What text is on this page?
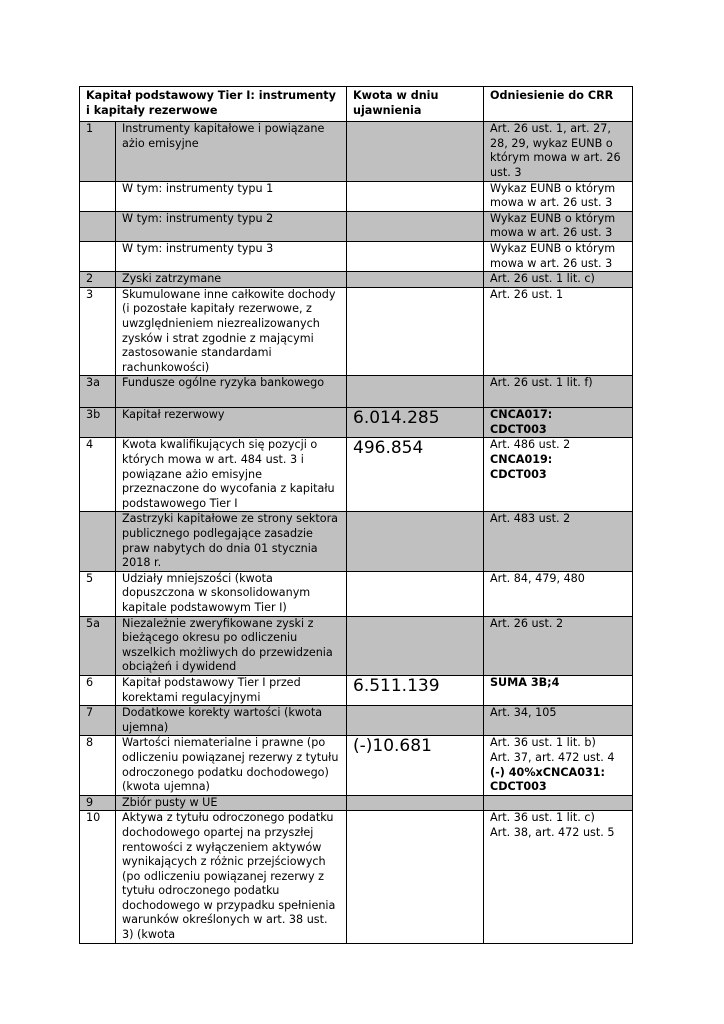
Kapitał podstawowy Tier I: instrumenty i kapitały rezerwowe		Kwota w dniu ujawnienia	Odniesienie do CRR
1	Instrumenty kapitałowe i powiązane ażio emisyjne		Art. 26 ust. 1, art. 27, 28, 29, wykaz EUNB o którym mowa w art. 26 ust. 3

	W tym: instrumenty typu 1		Wykaz EUNB o którym mowa w art. 26 ust. 3

	W tym: instrumenty typu 2		Wykaz EUNB o którym mowa w art. 26 ust. 3

	W tym: instrumenty typu 3		Wykaz EUNB o którym mowa w art. 26 ust. 3

2	Zyski zatrzymane		Art. 26 ust. 1 lit. c)

3	Skumulowane inne całkowite dochody (i pozostałe kapitały rezerwowe, z uwzględnieniem niezrealizowanych zysków i strat zgodnie z mającymi zastosowanie standardami rachunkowości)		Art. 26 ust. 1

3a	Fundusze ogólne ryzyka bankowego		Art. 26 ust. 1 lit. f)

3b	Kapitał rezerwowy	6.014.285	CNCA017:
CDCT003

4	Kwota kwalifikujących się pozycji o których mowa w art. 484 ust. 3 i powiązane ażio emisyjne przeznaczone do wycofania z kapitału podstawowego Tier I	496.854	Art. 486 ust. 2
CNCA019:
CDCT003

	Zastrzyki kapitałowe ze strony sektora publicznego podlegające zasadzie praw nabytych do dnia 01 stycznia 2018 r.		Art. 483 ust. 2

5	Udziały mniejszości (kwota dopuszczona w skonsolidowanym kapitale podstawowym Tier I)		Art. 84, 479, 480

5a	Niezależnie zweryfikowane zyski z bieżącego okresu po odliczeniu wszelkich możliwych do przewidzenia obciążeń i dywidend		Art. 26 ust. 2

6	Kapitał podstawowy Tier I przed korektami regulacyjnymi	6.511.139	SUMA 3B;4

7	Dodatkowe korekty wartości (kwota ujemna)		Art. 34, 105

8	Wartości niematerialne i prawne (po odliczeniu powiązanej rezerwy z tytułu odroczonego podatku dochodowego) (kwota ujemna)	(-)10.681	Art. 36 ust. 1 lit. b)
Art. 37, art. 472 ust. 4
(-) 40%xCNCA031:
CDCT003

9	Zbiór pusty w UE		

10	Aktywa z tytułu odroczonego podatku dochodowego opartej na przyszłej rentowości z wyłączeniem aktywów wynikających z różnic przejściowych (po odliczeniu powiązanej rezerwy z tytułu odroczonego podatku dochodowego w przypadku spełnienia warunków określonych w art. 38 ust. 3) (kwota		Art. 36 ust. 1 lit. c)
Art. 38, art. 472 ust. 5
